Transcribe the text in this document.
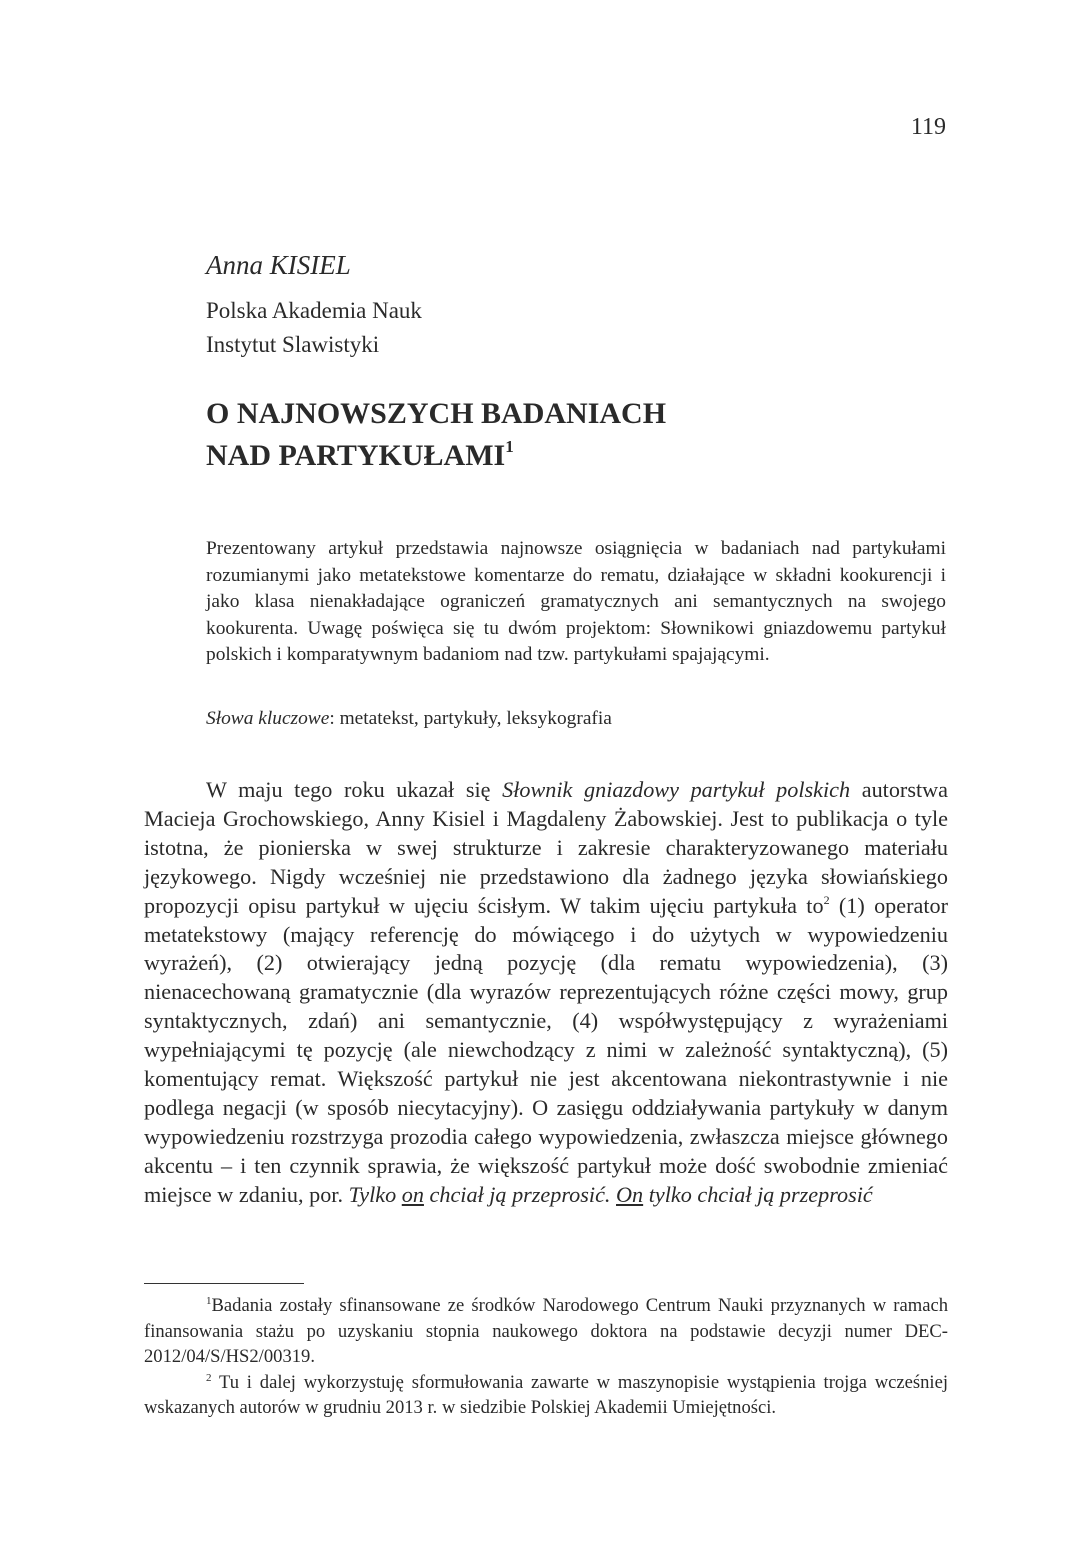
119
Anna KISIEL
Polska Akademia Nauk
Instytut Slawistyki
O NAJNOWSZYCH BADANIACH
NAD PARTYKUŁAMI$^1$
Prezentowany artykuł przedstawia najnowsze osiągnięcia w badaniach nad partykułami rozumianymi jako metatekstowe komentarze do rematu, działające w składni kookurencji i jako klasa nienakładające ograniczeń gramatycznych ani semantycznych na swojego kookurenta. Uwagę poświęca się tu dwóm projektom: Słownikowi gniazdowemu partykuł polskich i komparatywnym badaniom nad tzw. partykułami spajającymi.
Słowa kluczowe: metatekst, partykuły, leksykografia

W maju tego roku ukazał się Słownik gniazdowy partykuł polskich autorstwa Macieja Grochowskiego, Anny Kisiel i Magdaleny Żabowskiej. Jest to publikacja o tyle istotna, że pionierska w swej strukturze i zakresie charakteryzowanego materiału językowego. Nigdy wcześniej nie przedstawiono dla żadnego języka słowiańskiego propozycji opisu partykuł w ujęciu ścisłym. W takim ujęciu partykuła $to^2$ (1) operator metatekstowy (mający referencję do mówiącego i do użytych w wypowiedzeniu wyrażeń), (2) otwierający jedną pozycję (dla rematu wypowiedzenia), (3) nienacechowaną gramatycznie (dla wyrazów reprezentujących różne części mowy, grup syntaktycznych, zdań) ani semantycznie, (4) współwystępujący z wyrażeniami wypełniającymi tę pozycję (ale niewchodzący z nimi w zależność syntaktyczną), (5) komentujący remat. Większość partykuł nie jest akcentowana niekontrastywnie i nie podlega negacji (w sposób niecytacyjny). O zasięgu oddziaływania partykuły w danym wypowiedzeniu rozstrzyga prozodia całego wypowiedzenia, zwłaszcza miejsce głównego akcentu – i ten czynnik sprawia, że większość partykuł może dość swobodnie zmieniać miejsce w zdaniu, por. Tylko on chciał ją przeprosić. On tylko chciał ją przeprosić

$^1$Badania zostały sfinansowane ze środków Narodowego Centrum Nauki przyznanych w ramach finansowania stażu po uzyskaniu stopnia naukowego doktora na podstawie decyzji numer DEC-2012/04/S/HS2/00319.

$^2$ Tu i dalej wykorzystuję sformułowania zawarte w maszynopisie wystąpienia trojga wcześniej wskazanych autorów w grudniu 2013 r. w siedzibie Polskiej Akademii Umiejętności.
